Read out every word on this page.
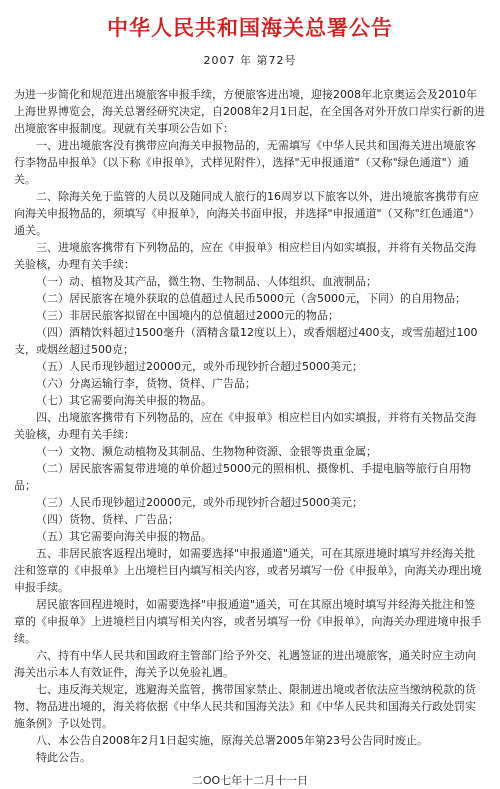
中华人民共和国海关总署公告
2007 年 第72号

为进一步简化和规范进出境旅客申报手续，方便旅客进出境，迎接2008年北京奥运会及2010年上海世界博览会，海关总署经研究决定，自2008年2月1日起，在全国各对外开放口岸实行新的进出境旅客申报制度。现就有关事项公告如下：

一、进出境旅客没有携带应向海关申报物品的，无需填写《中华人民共和国海关进出境旅客行李物品申报单》（以下称《申报单》，式样见附件），选择"无申报通道"（又称"绿色通道"）通关。

二、除海关免于监管的人员以及随同成人旅行的16周岁以下旅客以外，进出境旅客携带有应向海关申报物品的，须填写《申报单》，向海关书面申报，并选择"申报通道"（又称"红色通道"）通关。

三、进境旅客携带有下列物品的，应在《申报单》相应栏目内如实填报，并将有关物品交海关验核，办理有关手续：

（一）动、植物及其产品，微生物、生物制品、人体组织、血液制品；

（二）居民旅客在境外获取的总值超过人民币5000元（含5000元，下同）的自用物品；

（三）非居民旅客拟留在中国境内的总值超过2000元的物品；

（四）酒精饮料超过1500毫升（酒精含量12度以上），或香烟超过400支，或雪茄超过100支，或烟丝超过500克；

（五）人民币现钞超过20000元，或外币现钞折合超过5000美元；

（六）分离运输行李，货物、货样、广告品；

（七）其它需要向海关申报的物品。

四、出境旅客携带有下列物品的，应在《申报单》相应栏目内如实填报，并将有关物品交海关验核，办理有关手续：

（一）文物、濒危动植物及其制品、生物物种资源、金银等贵重金属；

（二）居民旅客需复带进境的单价超过5000元的照相机、摄像机、手提电脑等旅行自用物品；

（三）人民币现钞超过20000元，或外币现钞折合超过5000美元；

（四）货物、货样、广告品；

（五）其它需要向海关申报的物品。

五、非居民旅客返程出境时，如需要选择"申报通道"通关，可在其原进境时填写并经海关批注和签章的《申报单》上出境栏目内填写相关内容，或者另填写一份《申报单》，向海关办理出境申报手续。

居民旅客回程进境时，如需要选择"申报通道"通关，可在其原出境时填写并经海关批注和签章的《申报单》上进境栏目内填写相关内容，或者另填写一份《申报单》，向海关办理进境申报手续。

六、持有中华人民共和国政府主管部门给予外交、礼遇签证的进出境旅客，通关时应主动向海关出示本人有效证件，海关予以免验礼遇。

七、违反海关规定，逃避海关监管，携带国家禁止、限制进出境或者依法应当缴纳税款的货物、物品进出境的，海关将依据《中华人民共和国海关法》和《中华人民共和国海关行政处罚实施条例》予以处罚。

八、本公告自2008年2月1日起实施，原海关总署2005年第23号公告同时废止。

特此公告。

二OO七年十二月十一日
